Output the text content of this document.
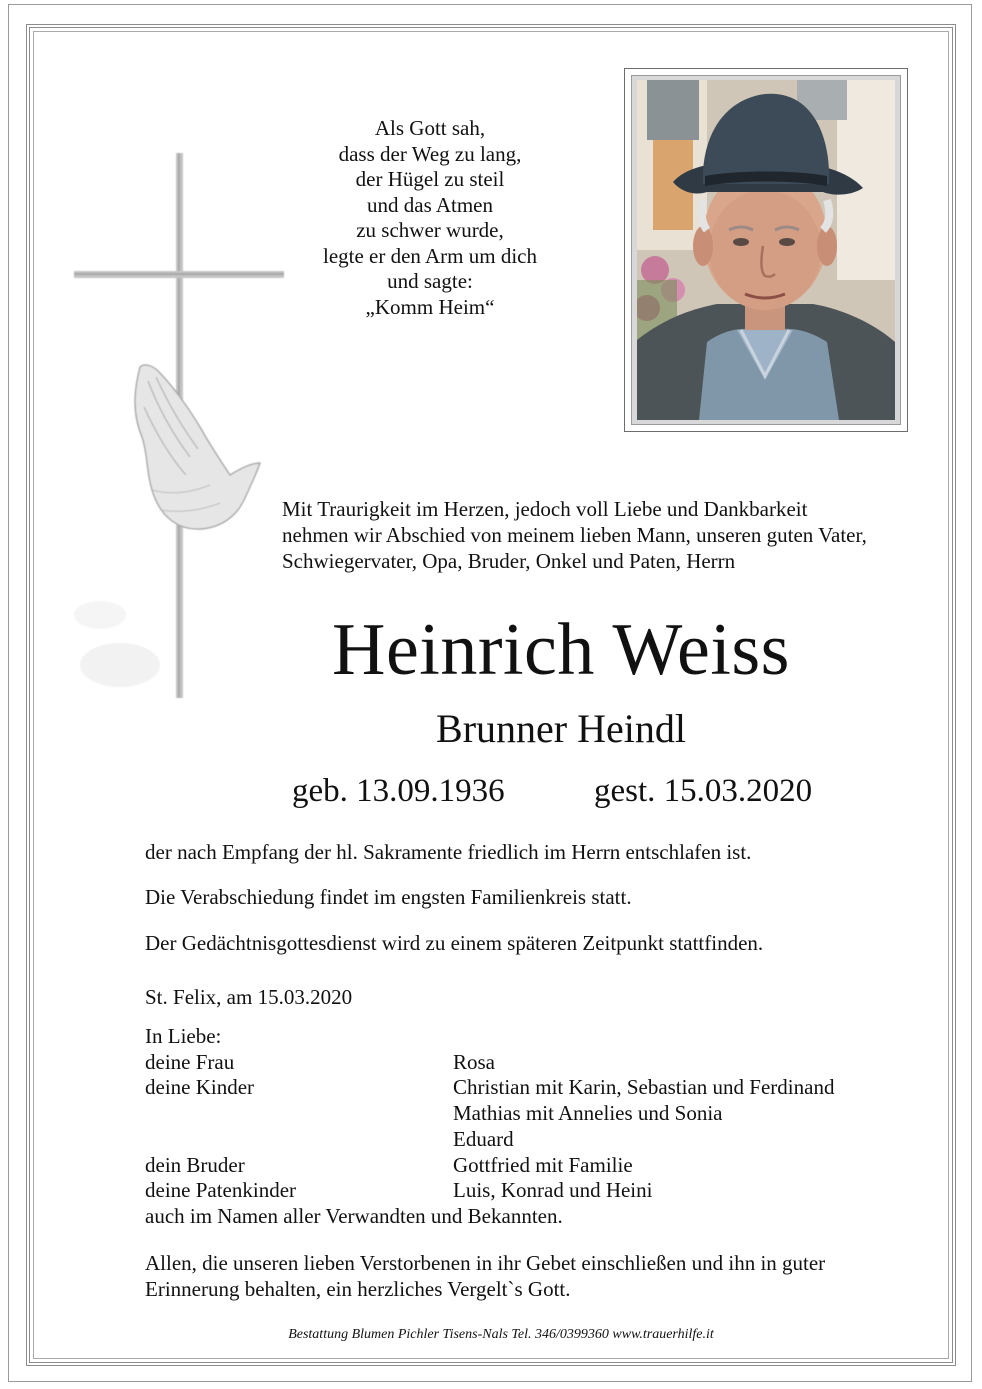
Als Gott sah,
dass der Weg zu lang,
der Hügel zu steil
und das Atmen
zu schwer wurde,
legte er den Arm um dich
und sagte:
„Komm Heim“
Mit Traurigkeit im Herzen, jedoch voll Liebe und Dankbarkeit
nehmen wir Abschied von meinem lieben Mann, unseren guten Vater,
Schwiegervater, Opa, Bruder, Onkel und Paten, Herrn
Heinrich Weiss
Brunner Heindl
geb. 13.09.1936	gest. 15.03.2020
der nach Empfang der hl. Sakramente friedlich im Herrn entschlafen ist.
Die Verabschiedung findet im engsten Familienkreis statt.
Der Gedächtnisgottesdienst wird zu einem späteren Zeitpunkt stattfinden.
St. Felix, am 15.03.2020
In Liebe:
deine Frau	Rosa
deine Kinder	Christian mit Karin, Sebastian und Ferdinand
Mathias mit Annelies und Sonia
Eduard
dein Bruder	Gottfried mit Familie
deine Patenkinder	Luis, Konrad und Heini
auch im Namen aller Verwandten und Bekannten.
Allen, die unseren lieben Verstorbenen in ihr Gebet einschließen und ihn in guter
Erinnerung behalten, ein herzliches Vergelt`s Gott.
Bestattung Blumen Pichler Tisens-Nals Tel. 346/0399360 www.trauerhilfe.it
